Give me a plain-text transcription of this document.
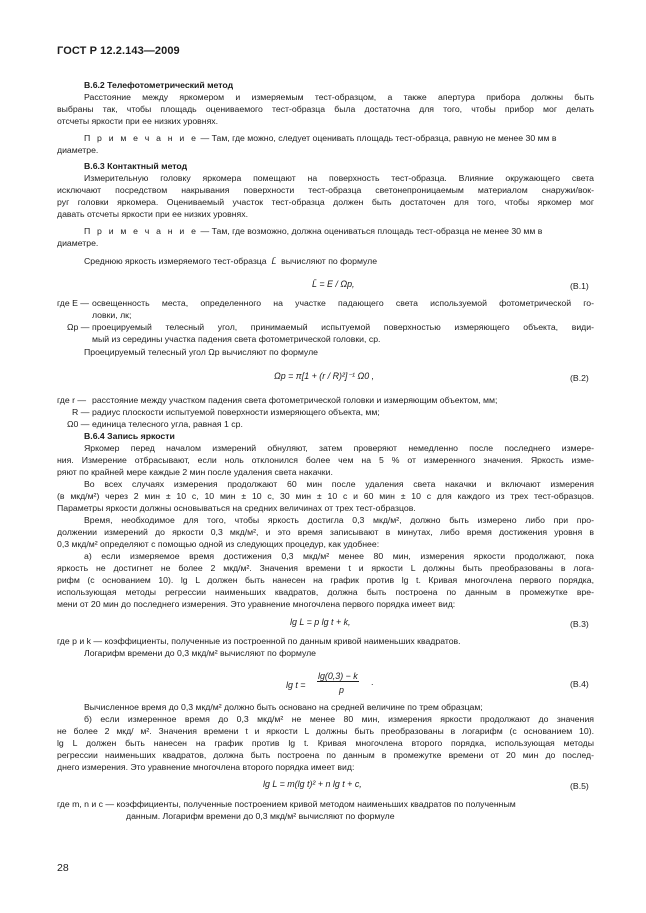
ГОСТ Р 12.2.143—2009
В.6.2 Телефотометрический метод
Расстояние между яркомером и измеряемым тест-образцом, а также апертура прибора должны быть
выбраны так, чтобы площадь оцениваемого тест-образца была достаточна для того, чтобы прибор мог делать
отсчеты яркости при ее низких уровнях.
П р и м е ч а н и е — Там, где можно, следует оценивать площадь тест-образца, равную не менее 30 мм в
диаметре.
В.6.3 Контактный метод
Измерительную головку яркомера помещают на поверхность тест-образца. Влияние окружающего света
исключают посредством накрывания поверхности тест-образца светонепроницаемым материалом снаружи/вок-
руг головки яркомера. Оцениваемый участок тест-образца должен быть достаточен для того, чтобы яркомер мог
давать отсчеты яркости при ее низких уровнях.
П р и м е ч а н и е — Там, где возможно, должна оцениваться площадь тест-образца не менее 30 мм в
диаметре.
Среднюю яркость измеряемого тест-образца L̄ вычисляют по формуле
L̄ = E / Ωp,	(В.1)
где E — освещенность места, определенного на участке падающего света используемой фотометрической го-
ловки, лк;
Ωp — проецируемый телесный угол, принимаемый испытуемой поверхностью измеряющего объекта, види-
мый из середины участка падения света фотометрической головки, ср.
Проецируемый телесный угол Ωp вычисляют по формуле
Ωp = π[1 + (r / R)²]⁻¹ Ω0 ,	(В.2)
где r — расстояние между участком падения света фотометрической головки и измеряющим объектом, мм;
R — радиус плоскости испытуемой поверхности измеряющего объекта, мм;
Ω0 — единица телесного угла, равная 1 ср.
В.6.4 Запись яркости
Яркомер перед началом измерений обнуляют, затем проверяют немедленно после последнего измере-
ния. Измерение отбрасывают, если ноль отклонился более чем на 5 % от измеренного значения. Яркость изме-
ряют по крайней мере каждые 2 мин после удаления света накачки.
Во всех случаях измерения продолжают 60 мин после удаления света накачки и включают измерения
(в мкд/м²) через 2 мин ± 10 с, 10 мин ± 10 с, 30 мин ± 10 с и 60 мин ± 10 с для каждого из трех тест-образцов.
Параметры яркости должны основываться на средних величинах от трех тест-образцов.
Время, необходимое для того, чтобы яркость достигла 0,3 мкд/м², должно быть измерено либо при про-
должении измерений до яркости 0,3 мкд/м², и это время записывают в минутах, либо время достижения уровня в
0,3 мкд/м² определяют с помощью одной из следующих процедур, как удобнее:
а) если измеряемое время достижения 0,3 мкд/м² менее 80 мин, измерения яркости продолжают, пока
яркость не достигнет не более 2 мкд/м². Значения времени t и яркости L должны быть преобразованы в лога-
рифм (с основанием 10). lg L должен быть нанесен на график против lg t. Кривая многочлена первого порядка,
использующая методы регрессии наименьших квадратов, должна быть построена по данным в промежутке вре-
мени от 20 мин до последнего измерения. Это уравнение многочлена первого порядка имеет вид:
lg L = p lg t + k,	(В.3)
где p и k — коэффициенты, полученные из построенной по данным кривой наименьших квадратов.
Логарифм времени до 0,3 мкд/м² вычисляют по формуле
lg t =
lg(0,3) − k
p
.	(В.4)
Вычисленное время до 0,3 мкд/м² должно быть основано на средней величине по трем образцам;
б) если измеренное время до 0,3 мкд/м² не менее 80 мин, измерения яркости продолжают до значения
не более 2 мкд/ м². Значения времени t и яркости L должны быть преобразованы в логарифм (с основанием 10).
lg L должен быть нанесен на график против lg t. Кривая многочлена второго порядка, использующая методы
регрессии наименьших квадратов, должна быть построена по данным в промежутке времени от 20 мин до послед-
днего измерения. Это уравнение многочлена второго порядка имеет вид:
lg L = m(lg t)² + n lg t + c,	(В.5)
где m, n и c — коэффициенты, полученные построением кривой методом наименьших квадратов по полученным
данным. Логарифм времени до 0,3 мкд/м² вычисляют по формуле
28
